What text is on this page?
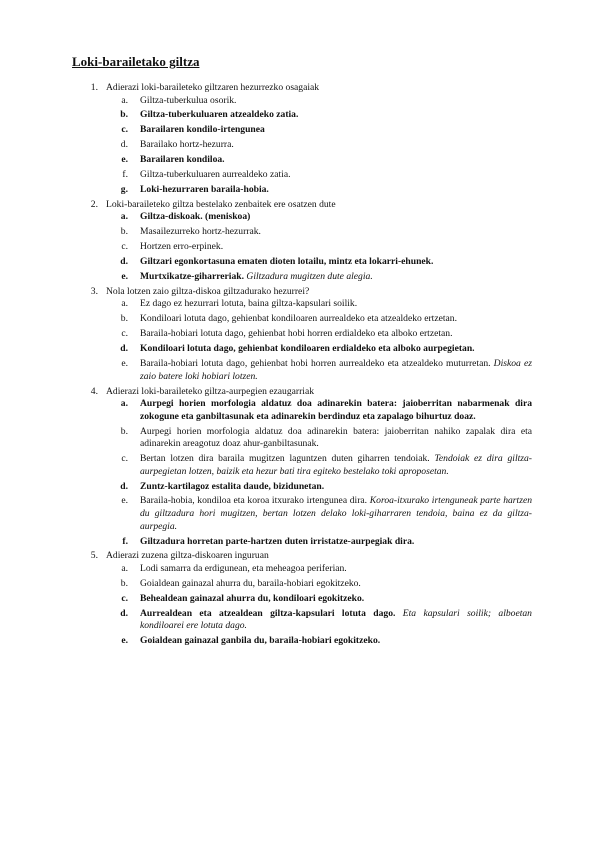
Loki-barailetako giltza
1. Adierazi loki-baraileteko giltzaren hezurrezko osagaiak
a.	Giltza-tuberkulua osorik.
b.	Giltza-tuberkuluaren atzealdeko zatia.
c.	Barailaren kondilo-irtengunea
d.	Barailako hortz-hezurra.
e.	Barailaren kondiloa.
f.	Giltza-tuberkuluaren aurrealdeko zatia.
g.	Loki-hezurraren baraila-hobia.
2. Loki-baraileteko giltza bestelako zenbaitek ere osatzen dute
a.	Giltza-diskoak. (meniskoa)
b.	Masailezurreko hortz-hezurrak.
c.	Hortzen erro-erpinek.
d.	Giltzari egonkortasuna ematen dioten lotailu, mintz eta lokarri-ehunek.
e.	Murtxikatze-giharreriak. Giltzadura mugitzen dute alegia.
3. Nola lotzen zaio giltza-diskoa giltzadurako hezurrei?
a.	Ez dago ez hezurrari lotuta, baina giltza-kapsulari soilik.
b.	Kondiloari lotuta dago, gehienbat kondiloaren aurrealdeko eta atzealdeko ertzetan.
c.	Baraila-hobiari lotuta dago, gehienbat hobi horren erdialdeko eta alboko ertzetan.
d.	Kondiloari lotuta dago, gehienbat kondiloaren erdialdeko eta alboko aurpegietan.
e.	Baraila-hobiari lotuta dago, gehienbat hobi horren aurrealdeko eta atzealdeko muturretan. Diskoa ez zaio batere loki hobiari lotzen.
4. Adierazi loki-baraileteko giltza-aurpegien ezaugarriak
a.	Aurpegi horien morfologia aldatuz doa adinarekin batera: jaioberritan nabarmenak dira zokogune eta ganbiltasunak eta adinarekin berdinduz eta zapalago bihurtuz doaz.
b.	Aurpegi horien morfologia aldatuz doa adinarekin batera: jaioberritan nahiko zapalak dira eta adinarekin areagotuz doaz ahur-ganbiltasunak.
c.	Bertan lotzen dira baraila mugitzen laguntzen duten giharren tendoiak. Tendoiak ez dira giltza-aurpegietan lotzen, baizik eta hezur bati tira egiteko bestelako toki aproposetan.
d.	Zuntz-kartilagoz estalita daude, bizidunetan.
e.	Baraila-hobia, kondiloa eta koroa itxurako irtengunea dira. Koroa-itxurako irtenguneak parte hartzen du giltzadura hori mugitzen, bertan lotzen delako loki-giharraren tendoia, baina ez da giltza-aurpegia.
f.	Giltzadura horretan parte-hartzen duten irristatze-aurpegiak dira.
5. Adierazi zuzena giltza-diskoaren inguruan
a.	Lodi samarra da erdigunean, eta meheagoa periferian.
b.	Goialdean gainazal ahurra du, baraila-hobiari egokitzeko.
c.	Behealdean gainazal ahurra du, kondiloari egokitzeko.
d.	Aurrealdean eta atzealdean giltza-kapsulari lotuta dago. Eta kapsulari soilik; alboetan kondiloarei ere lotuta dago.
e.	Goialdean gainazal ganbila du, baraila-hobiari egokitzeko.
